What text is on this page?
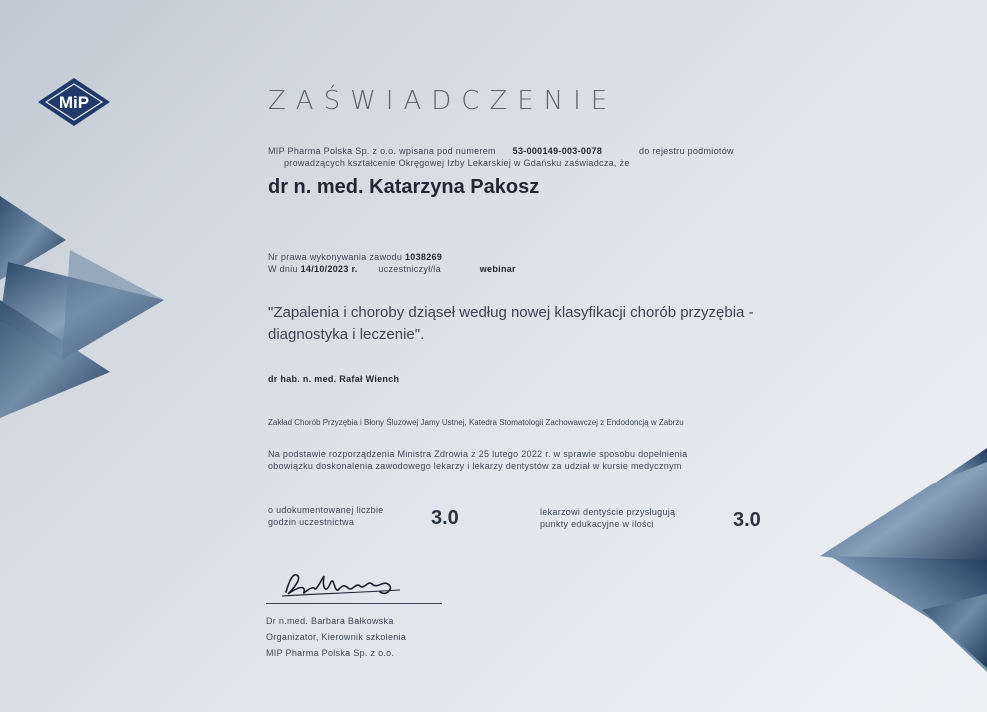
MiP	ZAŚWIADCZENIE
MIP Pharma Polska Sp. z o.o. wpisana pod numerem 53-000149-003-0078	do rejestru podmiotów
prowadzących kształcenie Okręgowej Izby Lekarskiej w Gdańsku zaświadcza, że
dr n. med. Katarzyna Pakosz
Nr prawa wykonywania zawodu 1038269
W dniu 14/10/2023 r. uczestniczył/la	webinar
"Zapalenia i choroby dziąseł według nowej klasyfikacji chorób przyzębia -
diagnostyka i leczenie".
dr hab. n. med. Rafał Wiench
Zakład Chorób Przyzębia i Błony Śluzowej Jamy Ustnej, Katedra Stomatologii Zachowawczej z Endodoncją w Zabrzu
Na podstawie rozporządzenia Ministra Zdrowia z 25 lutego 2022 r. w sprawie sposobu dopełnienia
obowiązku doskonalenia zawodowego lekarzy i lekarzy dentystów za udział w kursie medycznym
o udokumentowanej liczbie
godzin uczestnictwa	3.0	lekarzowi dentyście przysługują
punkty edukacyjne w ilości	3.0
Dr n.med. Barbara Bałkowska
Organizator, Kierownik szkolenia
MIP Pharma Polska Sp. z o.o.
